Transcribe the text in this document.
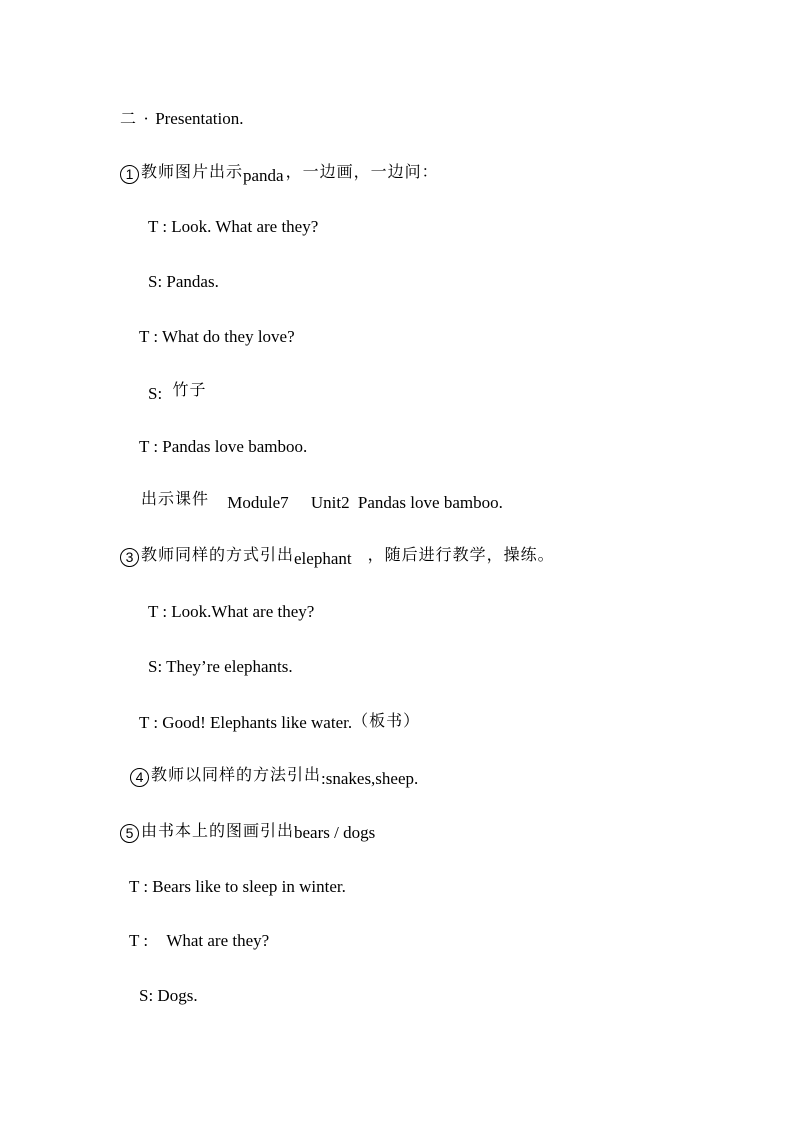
二 · Presentation.
1 教师图片出示panda ，一边画，一边问：
T : Look. What are they?
S: Pandas.
T : What do they love?
S: 竹子
T : Pandas love bamboo.
出示课件 Module7 Unit2 Pandas love bamboo.
3 教师同样的方式引出elephant ，随后进行教学，操练。
T : Look.What are they?
S: They’re elephants.
T : Good! Elephants like water.（板书）
4 教师以同样的方法引出:snakes,sheep.
5 由书本上的图画引出bears / dogs
T : Bears like to sleep in winter.
T : What are they?
S: Dogs.
